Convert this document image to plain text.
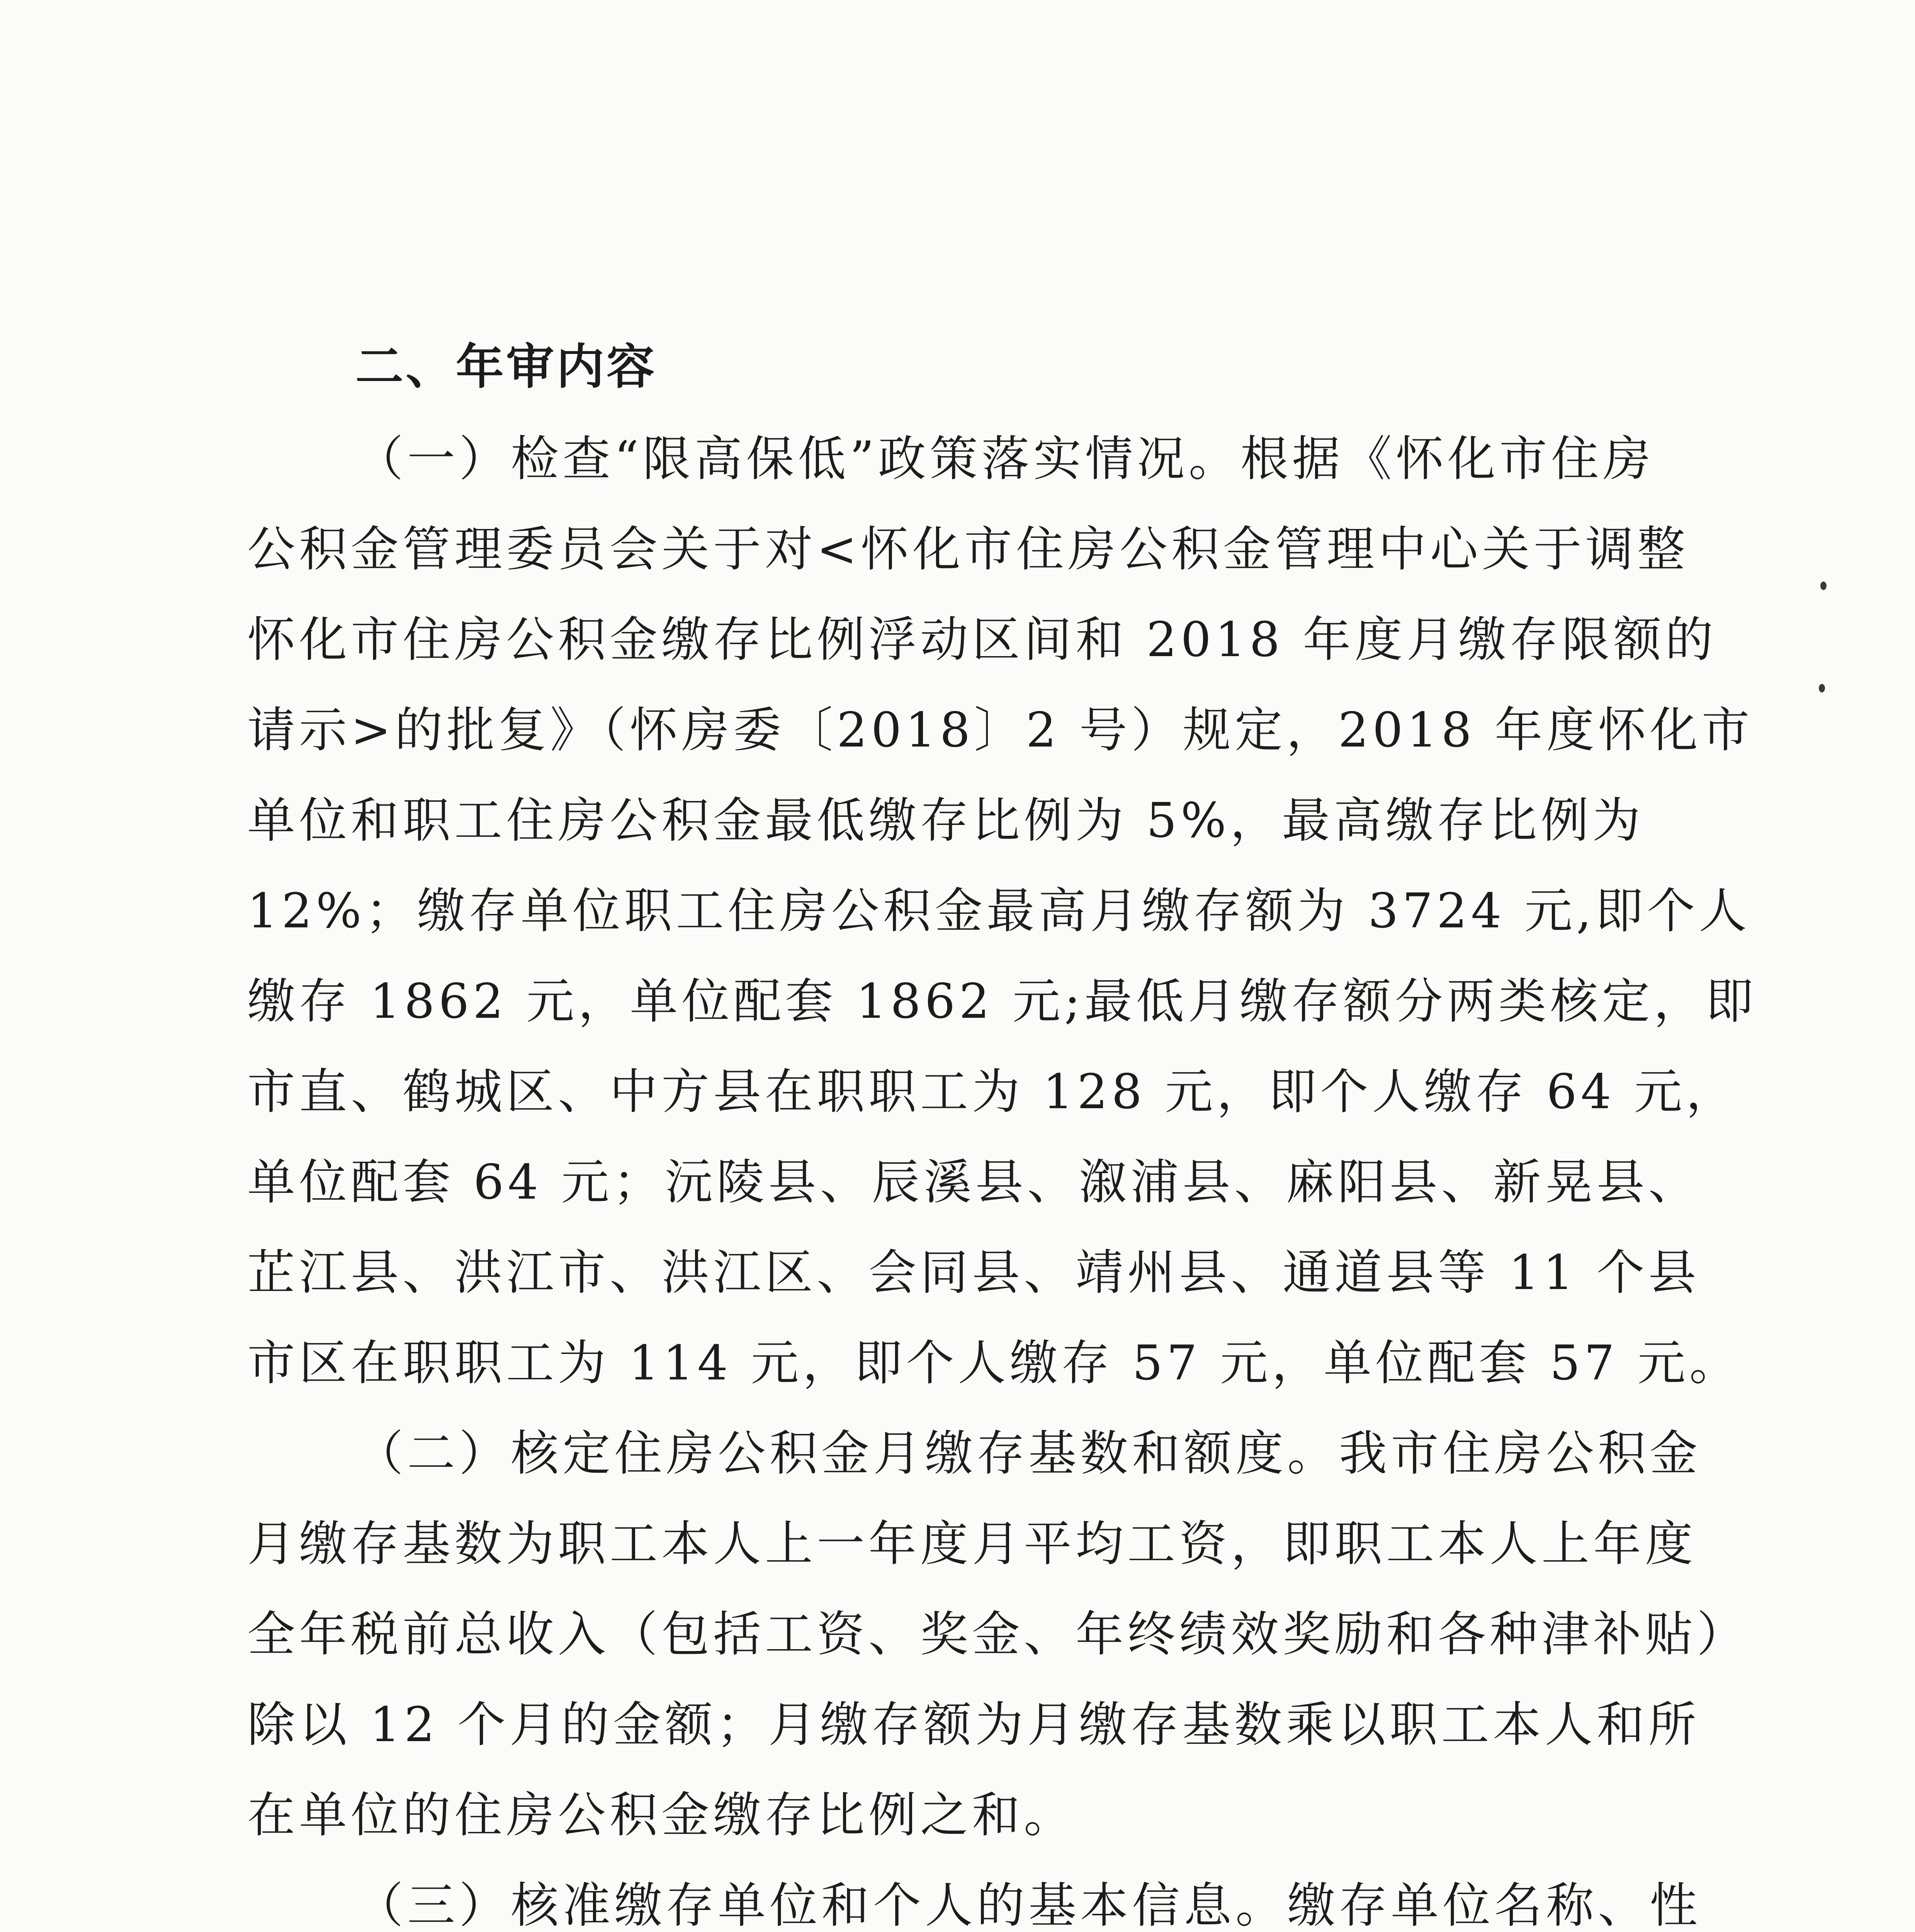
二、年审内容

（一）检查“限高保低”政策落实情况。根据《怀化市住房

公积金管理委员会关于对<怀化市住房公积金管理中心关于调整

怀化市住房公积金缴存比例浮动区间和 2018 年度月缴存限额的

请示>的批复》（怀房委〔2018〕2 号）规定，2018 年度怀化市

单位和职工住房公积金最低缴存比例为 5%，最高缴存比例为

12%；缴存单位职工住房公积金最高月缴存额为 3724 元,即个人

缴存 1862 元，单位配套 1862 元;最低月缴存额分两类核定，即

市直、鹤城区、中方县在职职工为 128 元，即个人缴存 64 元，

单位配套 64 元；沅陵县、辰溪县、溆浦县、麻阳县、新晃县、

芷江县、洪江市、洪江区、会同县、靖州县、通道县等 11 个县

市区在职职工为 114 元，即个人缴存 57 元，单位配套 57 元。

（二）核定住房公积金月缴存基数和额度。我市住房公积金

月缴存基数为职工本人上一年度月平均工资，即职工本人上年度

全年税前总收入（包括工资、奖金、年终绩效奖励和各种津补贴）

除以 12 个月的金额；月缴存额为月缴存基数乘以职工本人和所

在单位的住房公积金缴存比例之和。

（三）核准缴存单位和个人的基本信息。缴存单位名称、性
